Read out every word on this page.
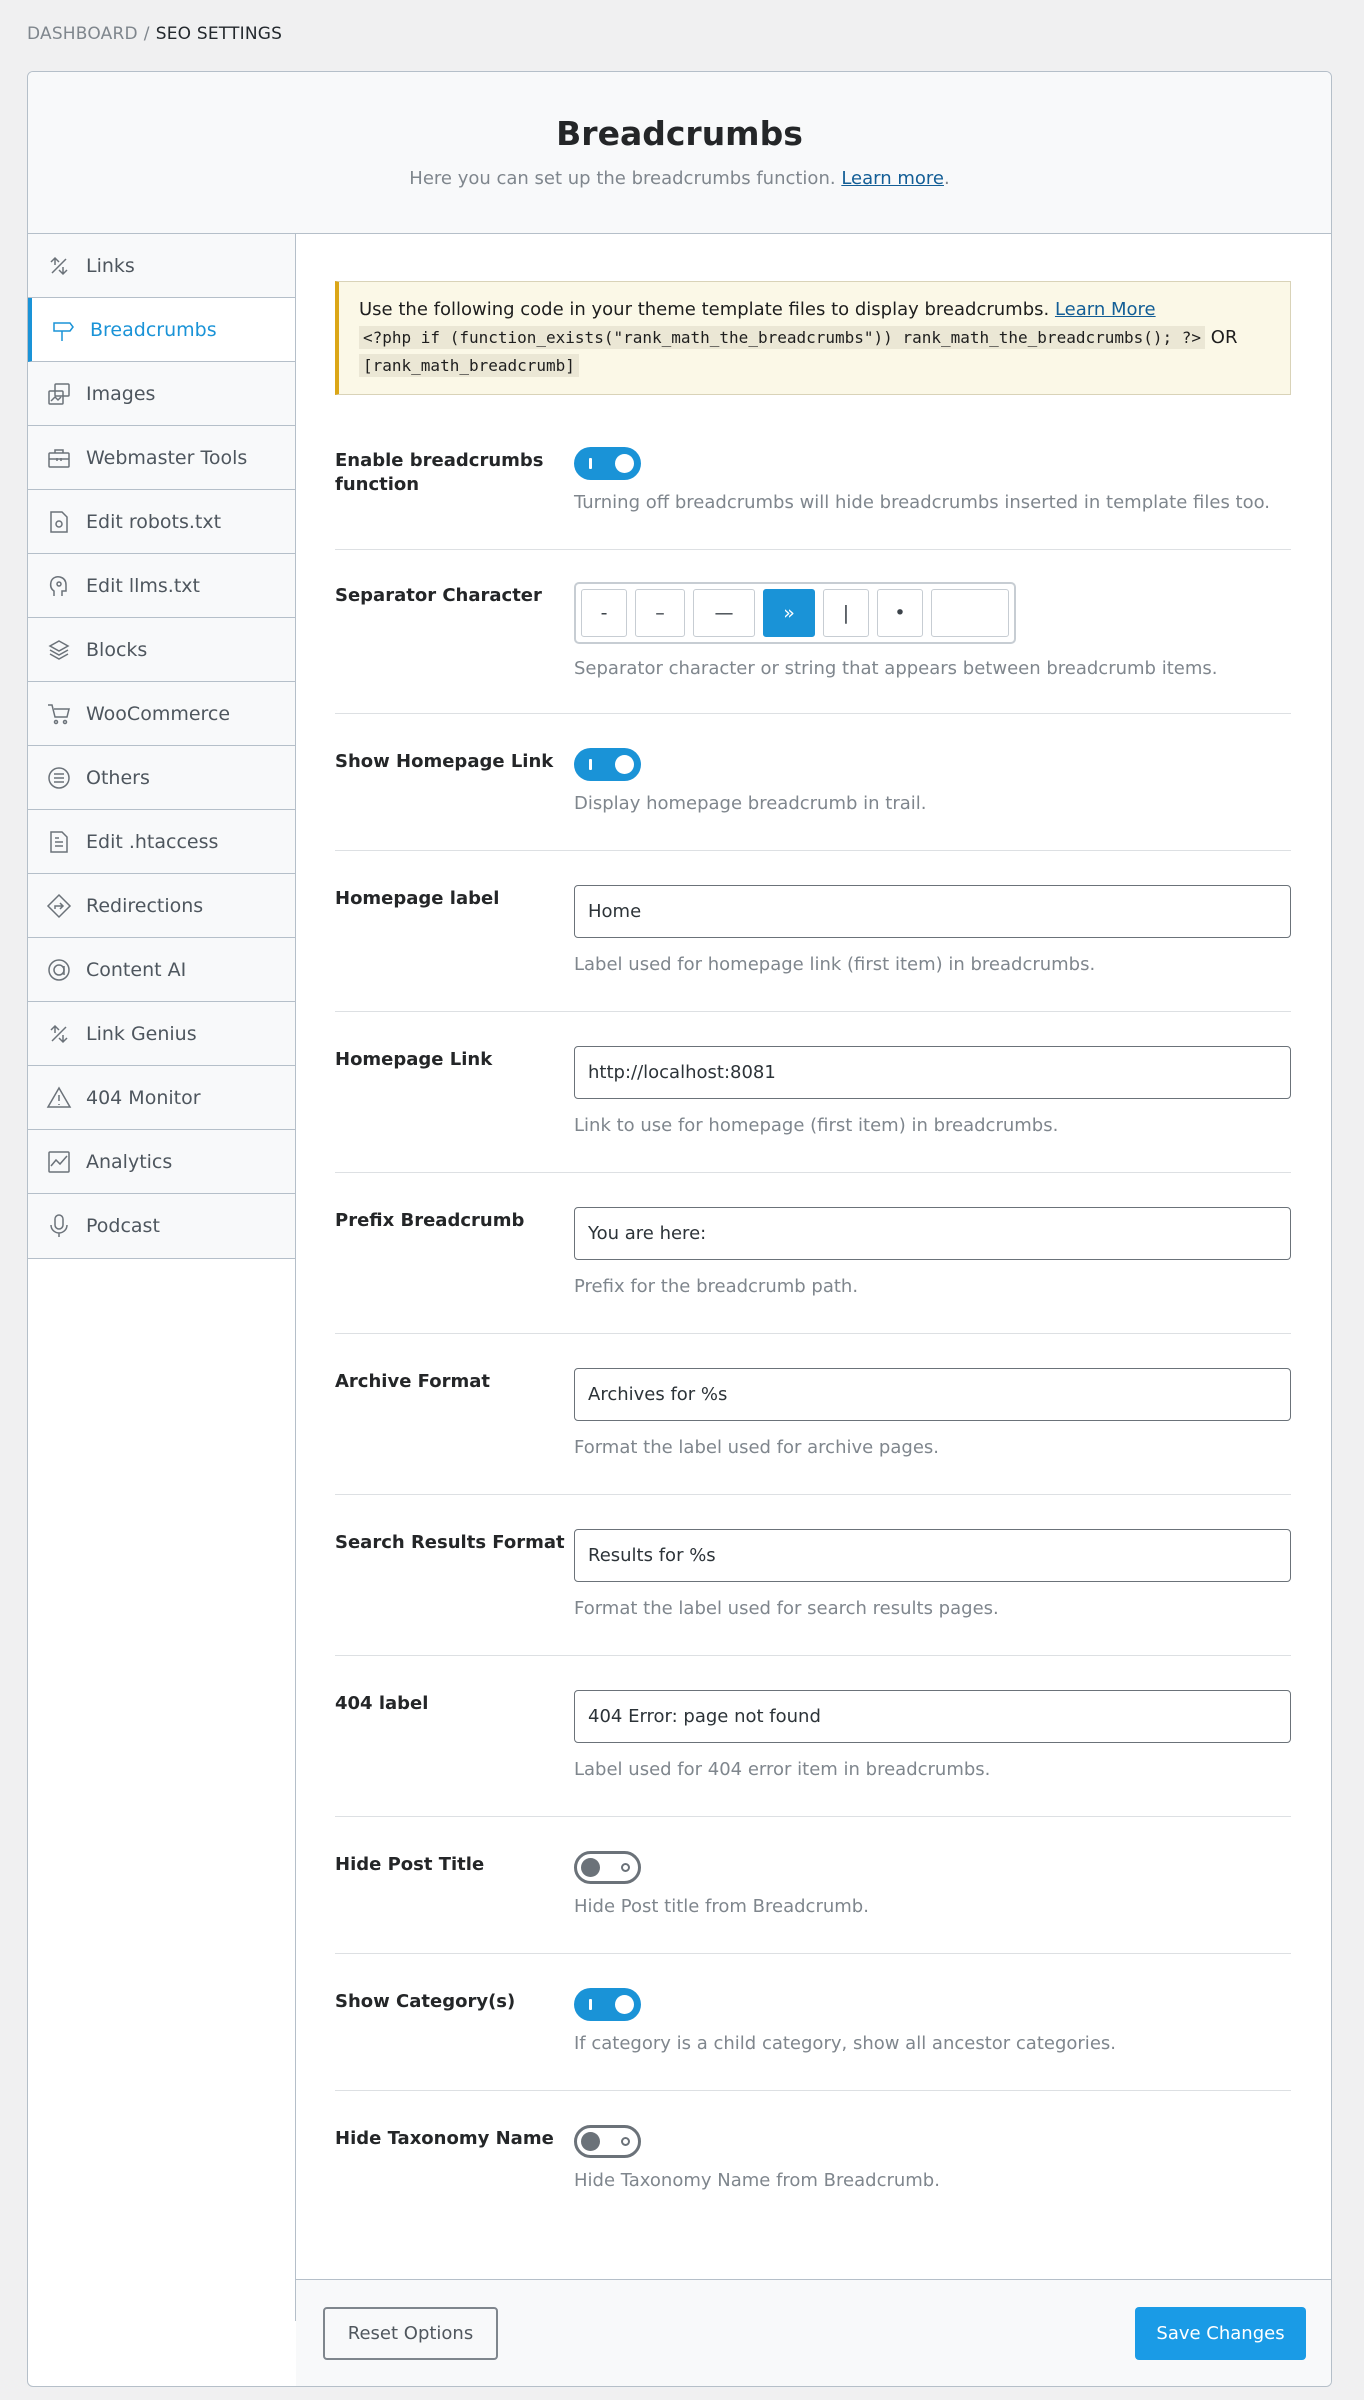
DASHBOARD / SEO SETTINGS
Breadcrumbs

Here you can set up the breadcrumbs function. Learn more.

Links
Breadcrumbs
Images
Webmaster Tools
Edit robots.txt
Edit llms.txt
Blocks
WooCommerce
Others
Edit .htaccess
Redirections
Content AI
Link Genius
404 Monitor
Analytics
Podcast
Use the following code in your theme template files to display breadcrumbs. Learn More
<?php if (function_exists("rank_math_the_breadcrumbs")) rank_math_the_breadcrumbs(); ?> OR [rank_math_breadcrumb]
Enable breadcrumbs function
Turning off breadcrumbs will hide breadcrumbs inserted in template files too.
Separator Character
-	–	—	»	|	•
Separator character or string that appears between breadcrumb items.
Show Homepage Link
Display homepage breadcrumb in trail.
Homepage label
Home
Label used for homepage link (first item) in breadcrumbs.
Homepage Link
http://localhost:8081
Link to use for homepage (first item) in breadcrumbs.
Prefix Breadcrumb
You are here:
Prefix for the breadcrumb path.
Archive Format
Archives for %s
Format the label used for archive pages.
Search Results Format
Results for %s
Format the label used for search results pages.
404 label
404 Error: page not found
Label used for 404 error item in breadcrumbs.
Hide Post Title
Hide Post title from Breadcrumb.
Show Category(s)
If category is a child category, show all ancestor categories.
Hide Taxonomy Name
Hide Taxonomy Name from Breadcrumb.
Reset Options	Save Changes
